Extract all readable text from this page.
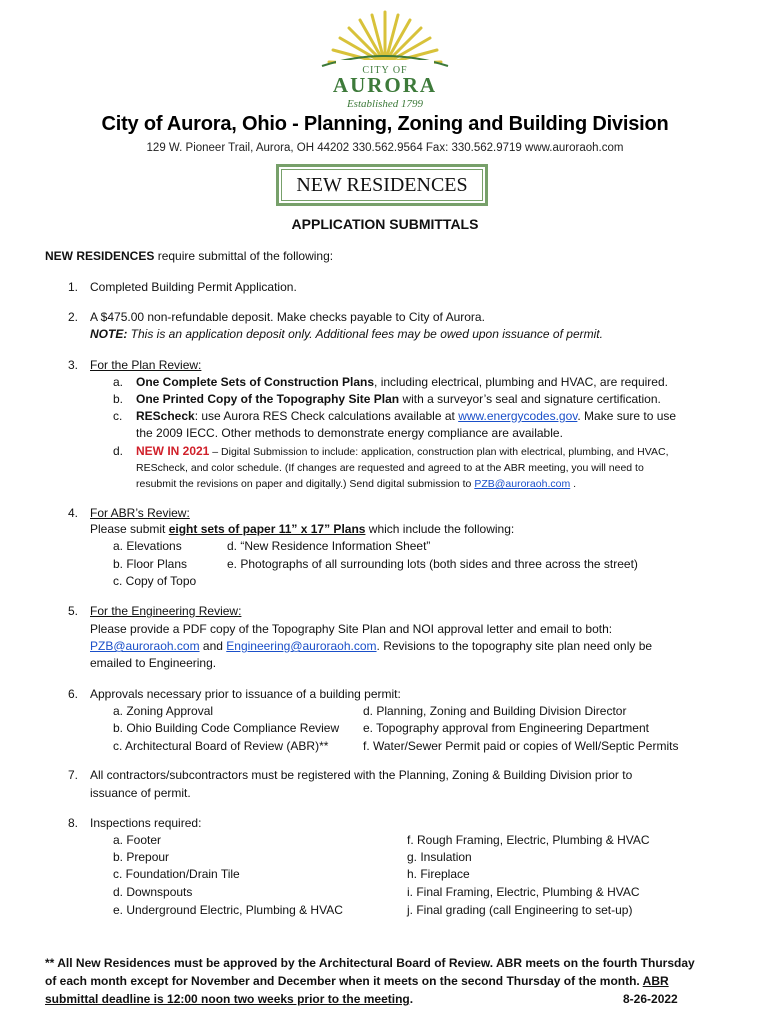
CITY OF
AURORA
Established 1799
City of Aurora, Ohio - Planning, Zoning and Building Division
129 W. Pioneer Trail, Aurora, OH 44202 330.562.9564 Fax: 330.562.9719 www.auroraoh.com
NEW RESIDENCES
APPLICATION SUBMITTALS
NEW RESIDENCES require submittal of the following:
1. Completed Building Permit Application.
2. A $475.00 non-refundable deposit. Make checks payable to City of Aurora.
NOTE: This is an application deposit only. Additional fees may be owed upon issuance of permit.
3. For the Plan Review:
a. One Complete Sets of Construction Plans, including electrical, plumbing and HVAC, are required.
b. One Printed Copy of the Topography Site Plan with a surveyor’s seal and signature certification.
c. REScheck: use Aurora RES Check calculations available at www.energycodes.gov. Make sure to use
the 2009 IECC. Other methods to demonstrate energy compliance are available.
d. NEW IN 2021 – Digital Submission to include: application, construction plan with electrical, plumbing, and HVAC,
REScheck, and color schedule. (If changes are requested and agreed to at the ABR meeting, you will need to
resubmit the revisions on paper and digitally.) Send digital submission to PZB@auroraoh.com .
4. For ABR’s Review:
Please submit eight sets of paper 11” x 17” Plans which include the following:
a. Elevations	d. “New Residence Information Sheet”
b. Floor Plans	e. Photographs of all surrounding lots (both sides and three across the street)
c. Copy of Topo
5. For the Engineering Review:
Please provide a PDF copy of the Topography Site Plan and NOI approval letter and email to both:
PZB@auroraoh.com and Engineering@auroraoh.com. Revisions to the topography site plan need only be
emailed to Engineering.
6. Approvals necessary prior to issuance of a building permit:
a. Zoning Approval	d. Planning, Zoning and Building Division Director
b. Ohio Building Code Compliance Review e. Topography approval from Engineering Department
c. Architectural Board of Review (ABR)**	f. Water/Sewer Permit paid or copies of Well/Septic Permits
7. All contractors/subcontractors must be registered with the Planning, Zoning & Building Division prior to
issuance of permit.
8. Inspections required:
a. Footer
b. Prepour
c. Foundation/Drain Tile
d. Downspouts
e. Underground Electric, Plumbing & HVAC
f. Rough Framing, Electric, Plumbing & HVAC
g. Insulation
h. Fireplace
i. Final Framing, Electric, Plumbing & HVAC
j. Final grading (call Engineering to set-up)
** All New Residences must be approved by the Architectural Board of Review. ABR meets on the fourth Thursday
of each month except for November and December when it meets on the second Thursday of the month. ABR
submittal deadline is 12:00 noon two weeks prior to the meeting.	8-26-2022
